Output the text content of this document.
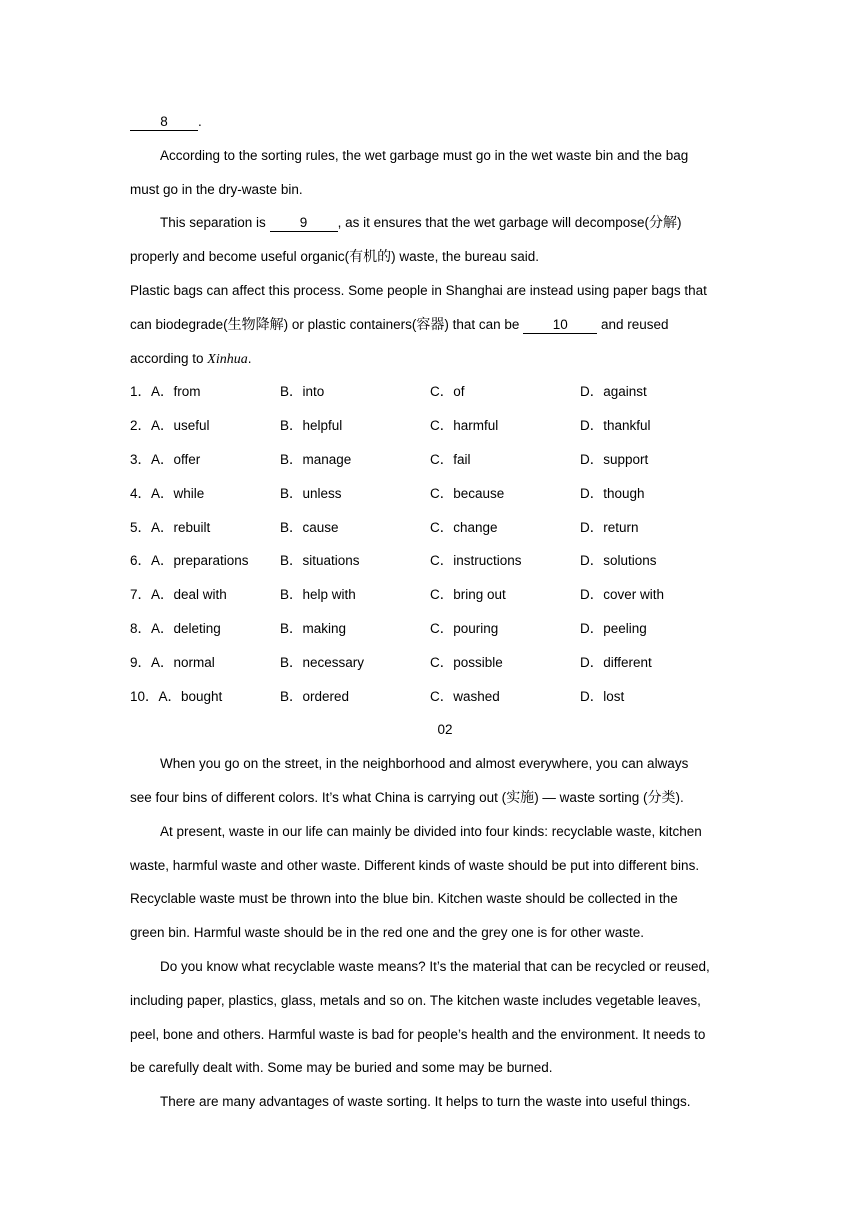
8 .
According to the sorting rules, the wet garbage must go in the wet waste bin and the bag
must go in the dry-waste bin.
This separation is 9 , as it ensures that the wet garbage will decompose(分解)
properly and become useful organic(有机的) waste, the bureau said.
Plastic bags can affect this process. Some people in Shanghai are instead using paper bags that
can biodegrade(生物降解) or plastic containers(容器) that can be 10 and reused
according to Xinhua.
1．A．from	B．into	C．of	D．against
2．A．useful	B．helpful	C．harmful	D．thankful
3．A．offer	B．manage	C．fail	D．support
4．A．while	B．unless	C．because	D．though
5．A．rebuilt	B．cause	C．change	D．return
6．A．preparations B．situations	C．instructions	D．solutions
7．A．deal with	B．help with	C．bring out	D．cover with
8．A．deleting	B．making	C．pouring	D．peeling
9．A．normal	B．necessary	C．possible	D．different
10．A．bought	B．ordered	C．washed	D．lost
02
When you go on the street, in the neighborhood and almost everywhere, you can always
see four bins of different colors. It’s what China is carrying out (实施) — waste sorting (分类).
At present, waste in our life can mainly be divided into four kinds: recyclable waste, kitchen
waste, harmful waste and other waste. Different kinds of waste should be put into different bins.
Recyclable waste must be thrown into the blue bin. Kitchen waste should be collected in the
green bin. Harmful waste should be in the red one and the grey one is for other waste.
Do you know what recyclable waste means? It’s the material that can be recycled or reused,
including paper, plastics, glass, metals and so on. The kitchen waste includes vegetable leaves,
peel, bone and others. Harmful waste is bad for people’s health and the environment. It needs to
be carefully dealt with. Some may be buried and some may be burned.
There are many advantages of waste sorting. It helps to turn the waste into useful things.
